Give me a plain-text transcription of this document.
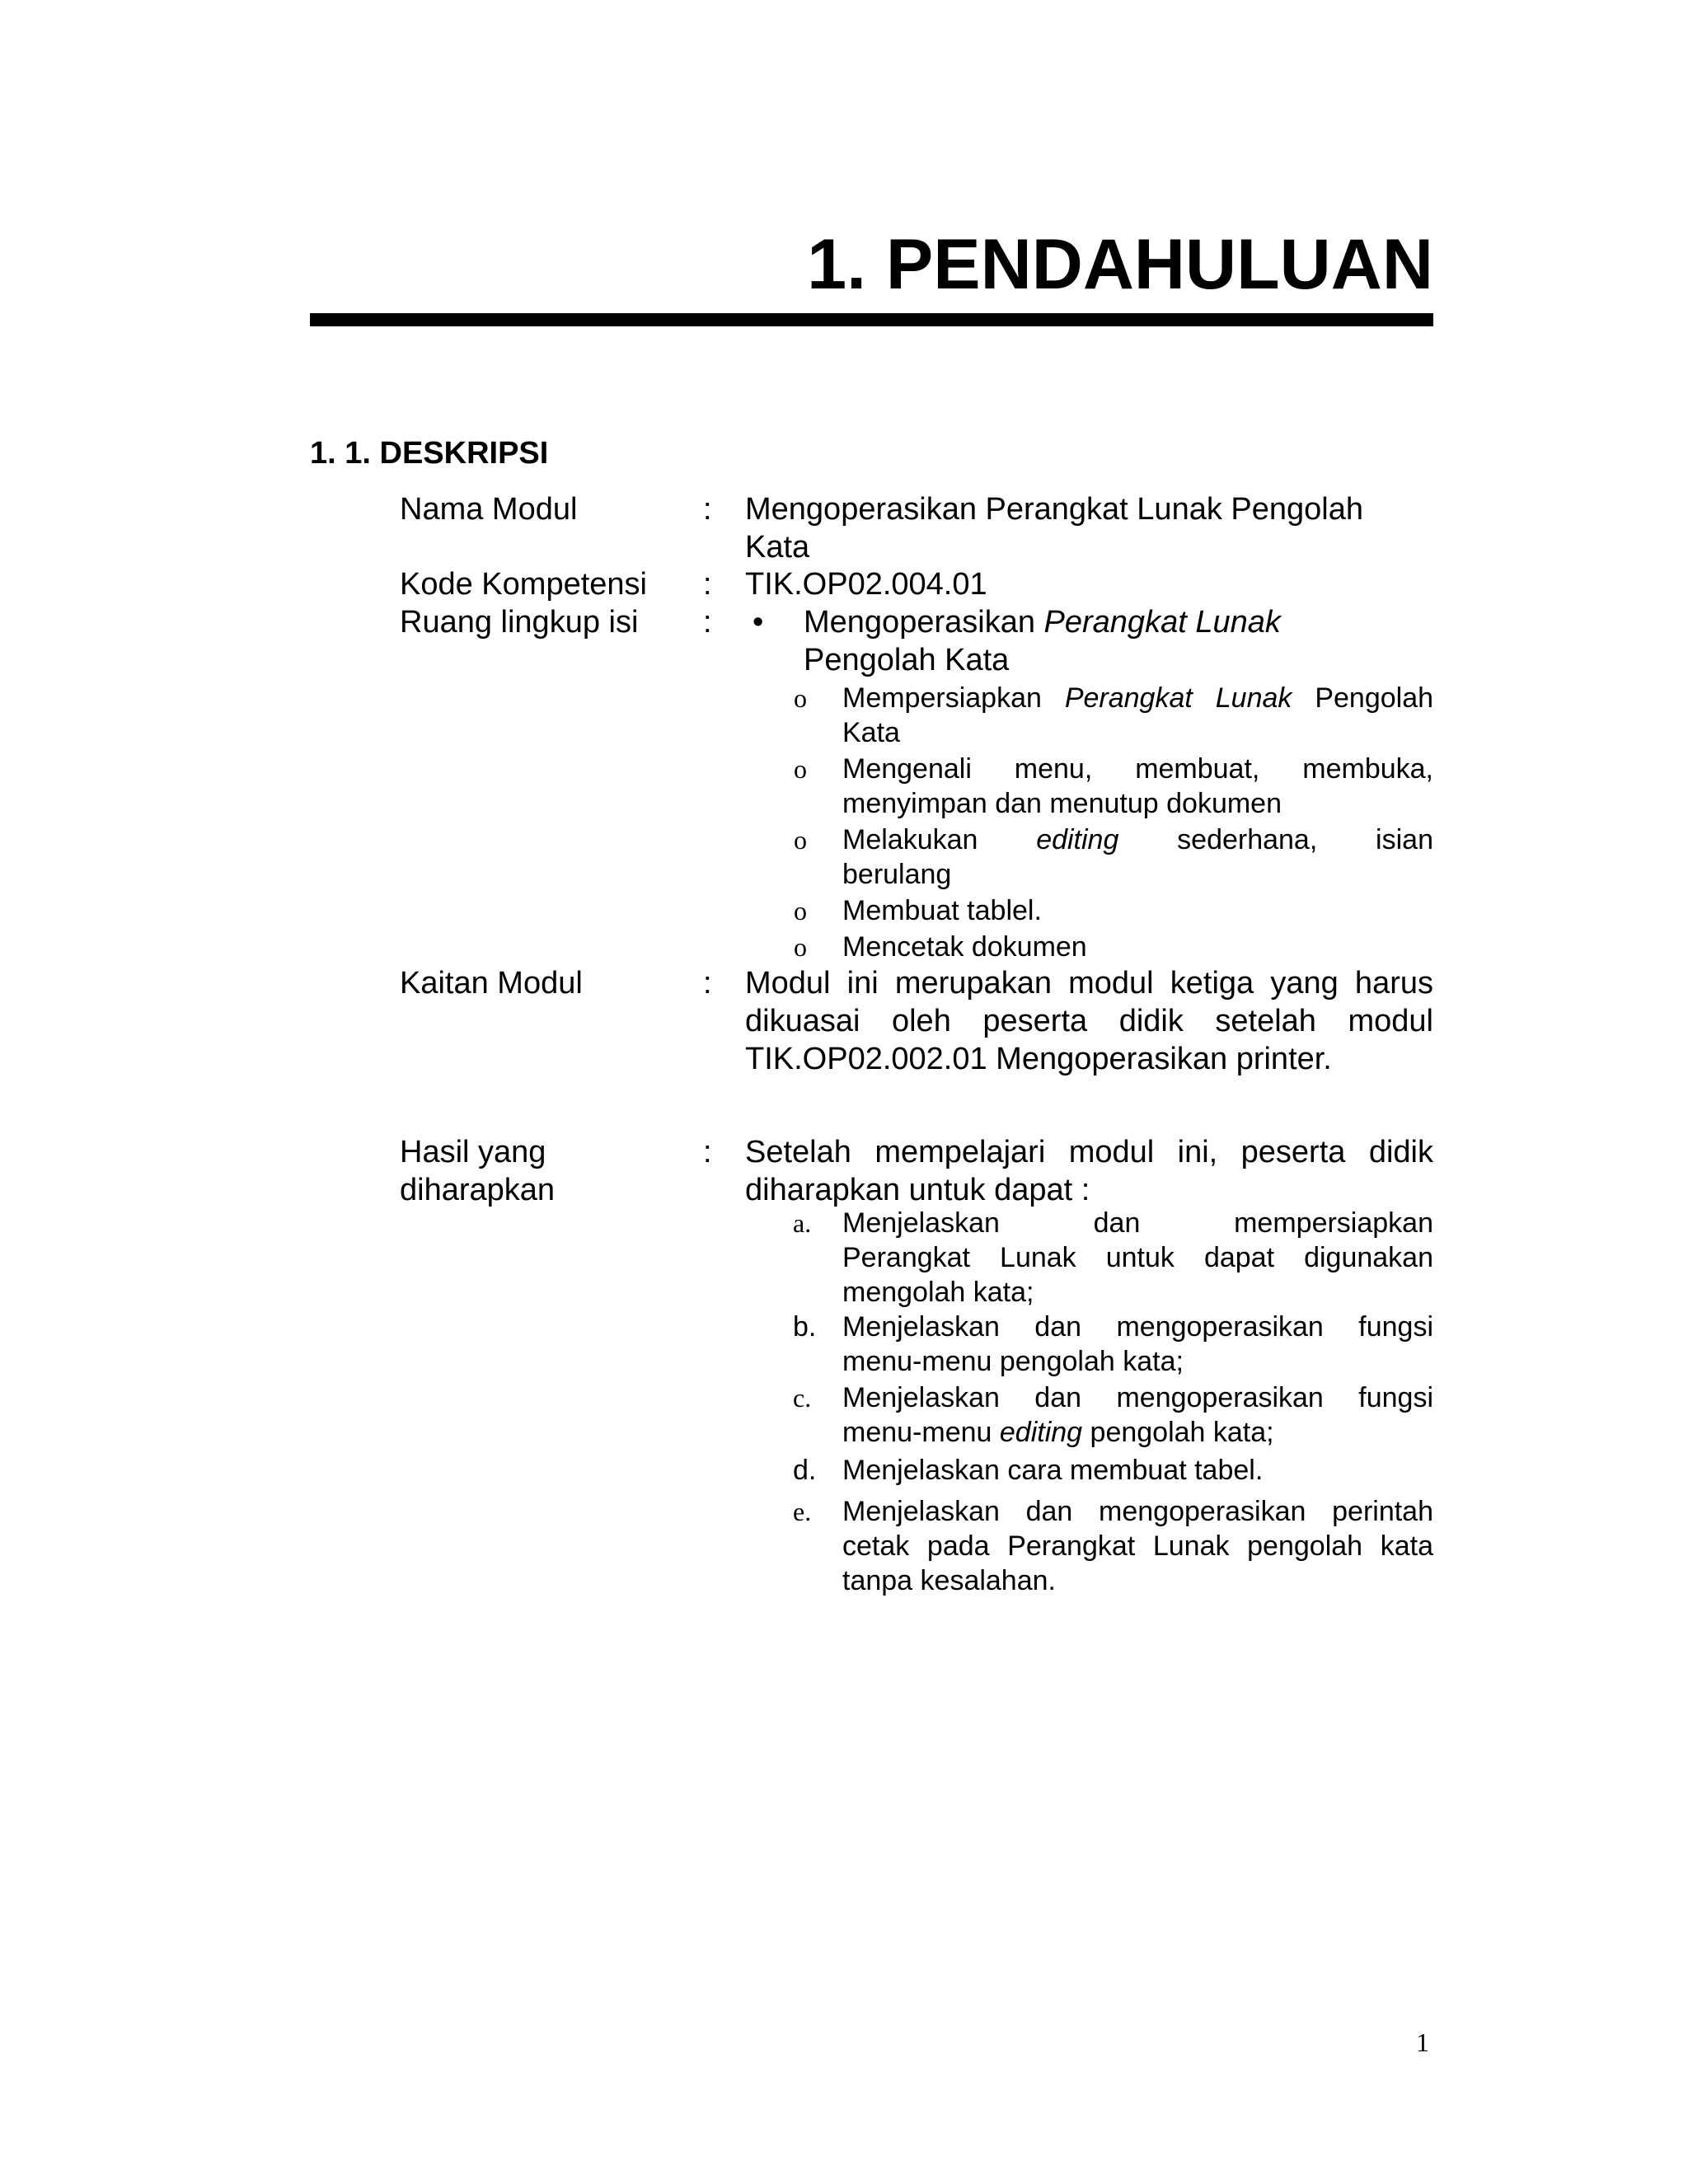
1. PENDAHULUAN
1. 1. DESKRIPSI
Nama Modul	: Mengoperasikan Perangkat Lunak Pengolah
Kata
Kode Kompetensi : TIK.OP02.004.01
Ruang lingkup isi : • Mengoperasikan Perangkat Lunak
Pengolah Kata
o Mempersiapkan Perangkat Lunak Pengolah
Kata
o Mengenali menu, membuat, membuka,
menyimpan dan menutup dokumen
o Melakukan editing sederhana, isian
berulang
o Membuat tablel.
o Mencetak dokumen
Kaitan Modul	: Modul ini merupakan modul ketiga yang harus
dikuasai oleh peserta didik setelah modul
TIK.OP02.002.01 Mengoperasikan printer.
Hasil yang
diharapkan
: Setelah mempelajari modul ini, peserta didik
diharapkan untuk dapat :
a. Menjelaskan dan mempersiapkan
Perangkat Lunak untuk dapat digunakan
mengolah kata;
b. Menjelaskan dan mengoperasikan fungsi
menu-menu pengolah kata;
c. Menjelaskan dan mengoperasikan fungsi
menu-menu editing pengolah kata;
d. Menjelaskan cara membuat tabel.
e. Menjelaskan dan mengoperasikan perintah
cetak pada Perangkat Lunak pengolah kata
tanpa kesalahan.
1
